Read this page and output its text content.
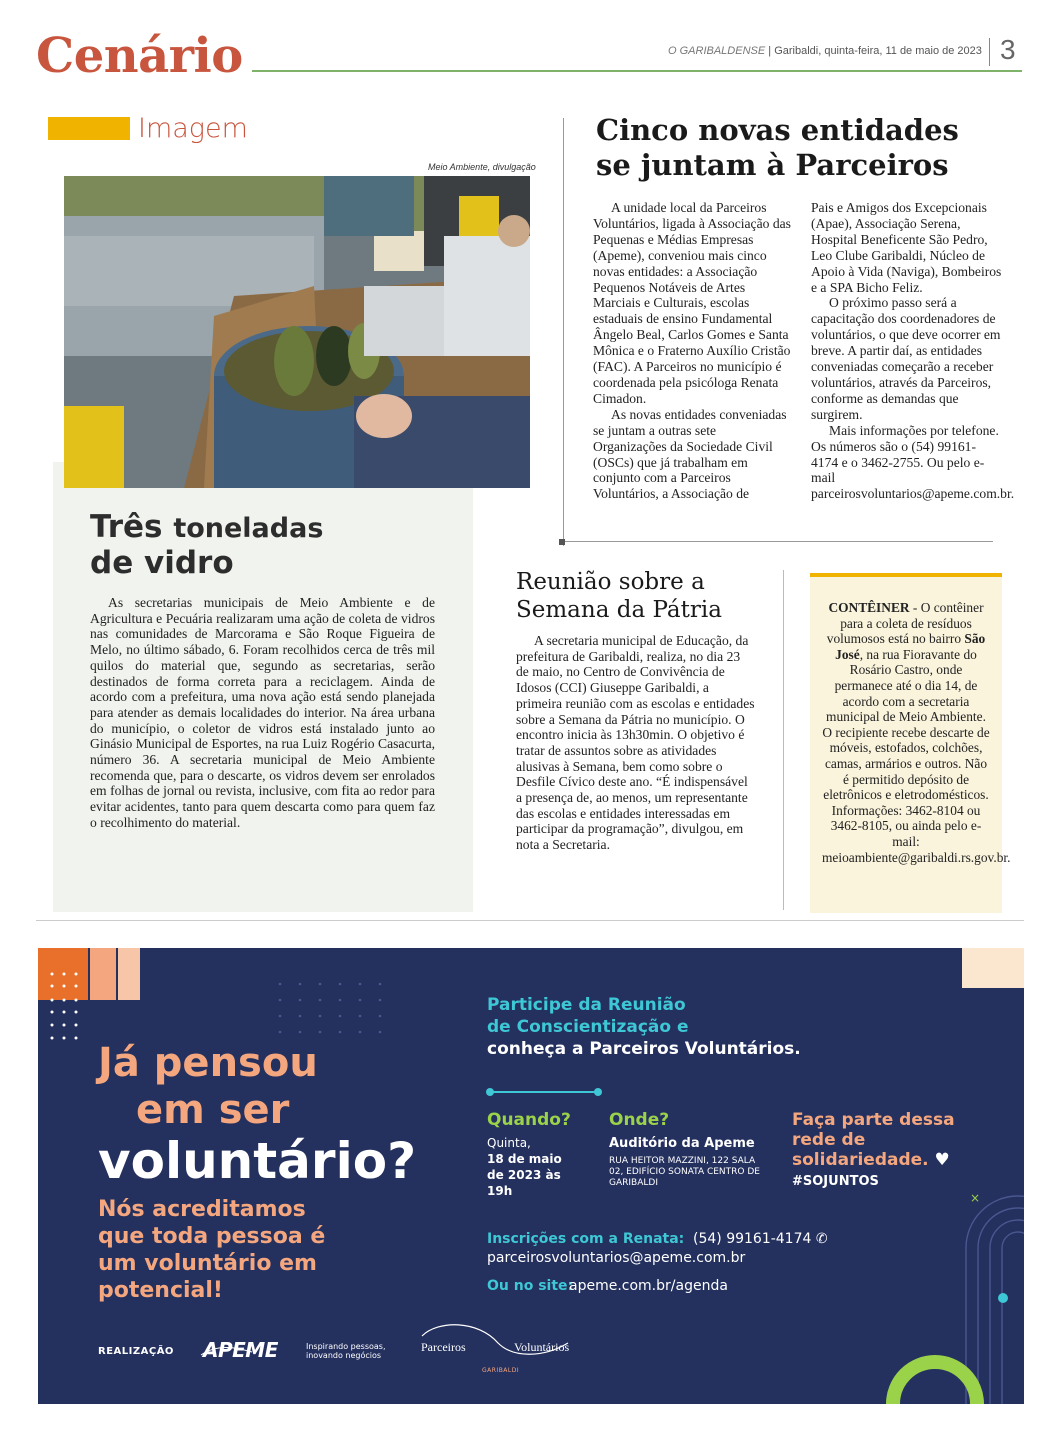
Cenário	O GARIBALDENSE | Garibaldi, quinta-feira, 11 de maio de 2023 3
Imagem
Meio Ambiente, divulgação
Três toneladas
de vidro
As secretarias municipais de Meio Ambiente e de Agricultura e Pecuária realizaram uma ação de coleta de vidros nas comunidades de Marcorama e São Roque Figueira de Melo, no último sábado, 6. Foram recolhidos cerca de três mil quilos do material que, segundo as secretarias, serão destinados de forma correta para a reciclagem. Ainda de acordo com a prefeitura, uma nova ação está sendo planejada para atender as demais localidades do interior. Na área urbana do município, o coletor de vidros está instalado junto ao Ginásio Municipal de Esportes, na rua Luiz Rogério Casacurta, número 36. A secretaria municipal de Meio Ambiente recomenda que, para o descarte, os vidros devem ser enrolados em folhas de jornal ou revista, inclusive, com fita ao redor para evitar acidentes, tanto para quem descarta como para quem faz o recolhimento do material.
Cinco novas entidades
se juntam à Parceiros

A unidade local da Parceiros Voluntários, ligada à Associação das Pequenas e Médias Empresas (Apeme), conveniou mais cinco novas entidades: a Associação Pequenos Notáveis de Artes Marciais e Culturais, escolas estaduais de ensino Fundamental Ângelo Beal, Carlos Gomes e Santa Mônica e o Fraterno Auxílio Cristão (FAC). A Parceiros no município é coordenada pela psicóloga Renata Cimadon.

As novas entidades conveniadas se juntam a outras sete Organizações da Sociedade Civil (OSCs) que já trabalham em conjunto com a Parceiros Voluntários, a Associação de

Pais e Amigos dos Excepcionais (Apae), Associação Serena, Hospital Beneficente São Pedro, Leo Clube Garibaldi, Núcleo de Apoio à Vida (Naviga), Bombeiros e a SPA Bicho Feliz.

O próximo passo será a capacitação dos coordenadores de voluntários, o que deve ocorrer em breve. A partir daí, as entidades conveniadas começarão a receber voluntários, através da Parceiros, conforme as demandas que surgirem.

Mais informações por telefone. Os números são o (54) 99161-4174 e o 3462-2755. Ou pelo e-mail parceirosvoluntarios@apeme.com.br.

Reunião sobre a
Semana da Pátria

A secretaria municipal de Educação, da prefeitura de Garibaldi, realiza, no dia 23 de maio, no Centro de Convivência de Idosos (CCI) Giuseppe Garibaldi, a primeira reunião com as escolas e entidades sobre a Semana da Pátria no município. O encontro inicia às 13h30min. O objetivo é tratar de assuntos sobre as atividades alusivas à Semana, bem como sobre o Desfile Cívico deste ano. “É indispensável a presença de, ao menos, um representante das escolas e entidades interessadas em participar da programação”, divulgou, em nota a Secretaria.

CONTÊINER - O contêiner para a coleta de resíduos volumosos está no bairro São José, na rua Fioravante do Rosário Castro, onde permanece até o dia 14, de acordo com a secretaria municipal de Meio Ambiente. O recipiente recebe descarte de móveis, estofados, colchões, camas, armários e outros. Não é permitido depósito de eletrônicos e eletrodomésticos. Informações: 3462-8104 ou 3462-8105, ou ainda pelo e-mail: meioambiente@garibaldi.rs.gov.br.
×
Já pensou
em ser
voluntário?
Nós acreditamos que toda pessoa é um voluntário em potencial!
REALIZAÇÃO APEME	Inspirando pessoas, inovando negócios
Parceiros	Voluntários
GARIBALDI
Participe da Reunião
de Conscientização e
conheça a Parceiros Voluntários.
Quando?
Quinta,
18 de maio de 2023 às 19h
Onde?
Auditório da Apeme
RUA HEITOR MAZZINI, 122 SALA 02, EDIFÍCIO SONATA CENTRO DE GARIBALDI
Faça parte dessa rede de solidariedade. ♥
#SOJUNTOS
Inscrições com a Renata: (54) 99161-4174 ✆
parceirosvoluntarios@apeme.com.br
Ou no site:
apeme.com.br/agenda
